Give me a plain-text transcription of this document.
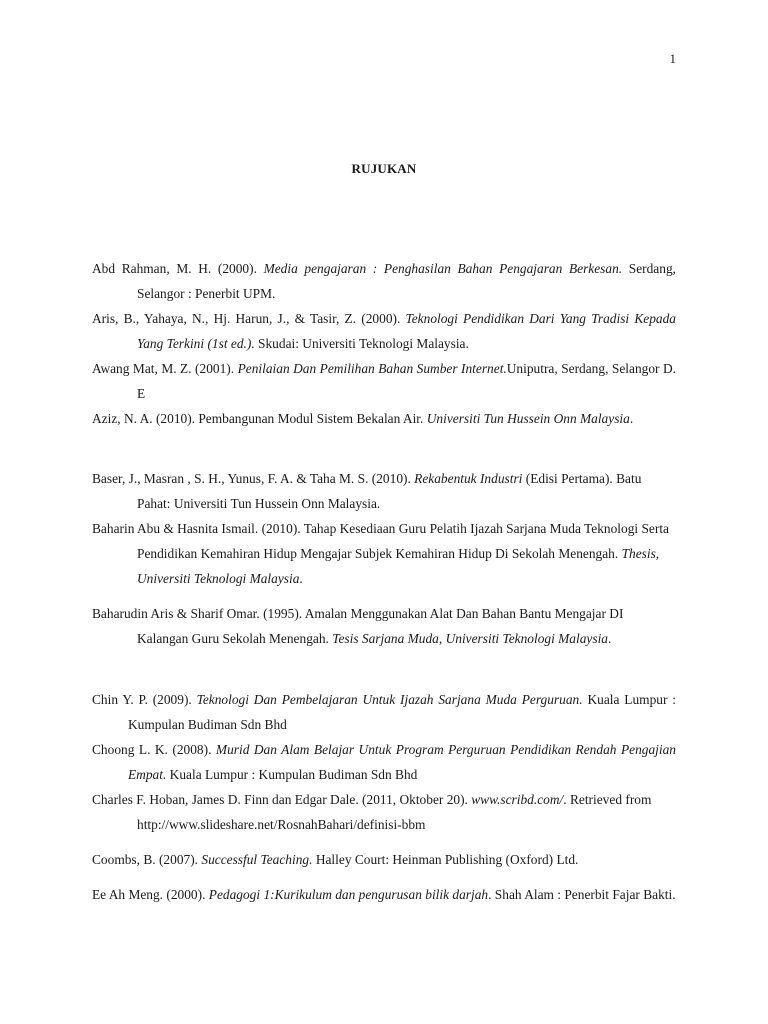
1
RUJUKAN

Abd Rahman, M. H. (2000). Media pengajaran : Penghasilan Bahan Pengajaran Berkesan. Serdang, Selangor : Penerbit UPM.

Aris, B., Yahaya, N., Hj. Harun, J., & Tasir, Z. (2000). Teknologi Pendidikan Dari Yang Tradisi Kepada Yang Terkini (1st ed.). Skudai: Universiti Teknologi Malaysia.

Awang Mat, M. Z. (2001). Penilaian Dan Pemilihan Bahan Sumber Internet.Uniputra, Serdang, Selangor D. E

Aziz, N. A. (2010). Pembangunan Modul Sistem Bekalan Air. Universiti Tun Hussein Onn Malaysia.

Baser, J., Masran , S. H., Yunus, F. A. & Taha M. S. (2010). Rekabentuk Industri (Edisi Pertama). Batu Pahat: Universiti Tun Hussein Onn Malaysia.

Baharin Abu & Hasnita Ismail. (2010). Tahap Kesediaan Guru Pelatih Ijazah Sarjana Muda Teknologi Serta Pendidikan Kemahiran Hidup Mengajar Subjek Kemahiran Hidup Di Sekolah Menengah. Thesis, Universiti Teknologi Malaysia.

Baharudin Aris & Sharif Omar. (1995). Amalan Menggunakan Alat Dan Bahan Bantu Mengajar DI Kalangan Guru Sekolah Menengah. Tesis Sarjana Muda, Universiti Teknologi Malaysia.

Chin Y. P. (2009). Teknologi Dan Pembelajaran Untuk Ijazah Sarjana Muda Perguruan. Kuala Lumpur : Kumpulan Budiman Sdn Bhd

Choong L. K. (2008). Murid Dan Alam Belajar Untuk Program Perguruan Pendidikan Rendah Pengajian Empat. Kuala Lumpur : Kumpulan Budiman Sdn Bhd

Charles F. Hoban, James D. Finn dan Edgar Dale. (2011, Oktober 20). www.scribd.com/. Retrieved from http://www.slideshare.net/RosnahBahari/definisi-bbm

Coombs, B. (2007). Successful Teaching. Halley Court: Heinman Publishing (Oxford) Ltd.

Ee Ah Meng. (2000). Pedagogi 1:Kurikulum dan pengurusan bilik darjah. Shah Alam : Penerbit Fajar Bakti.
